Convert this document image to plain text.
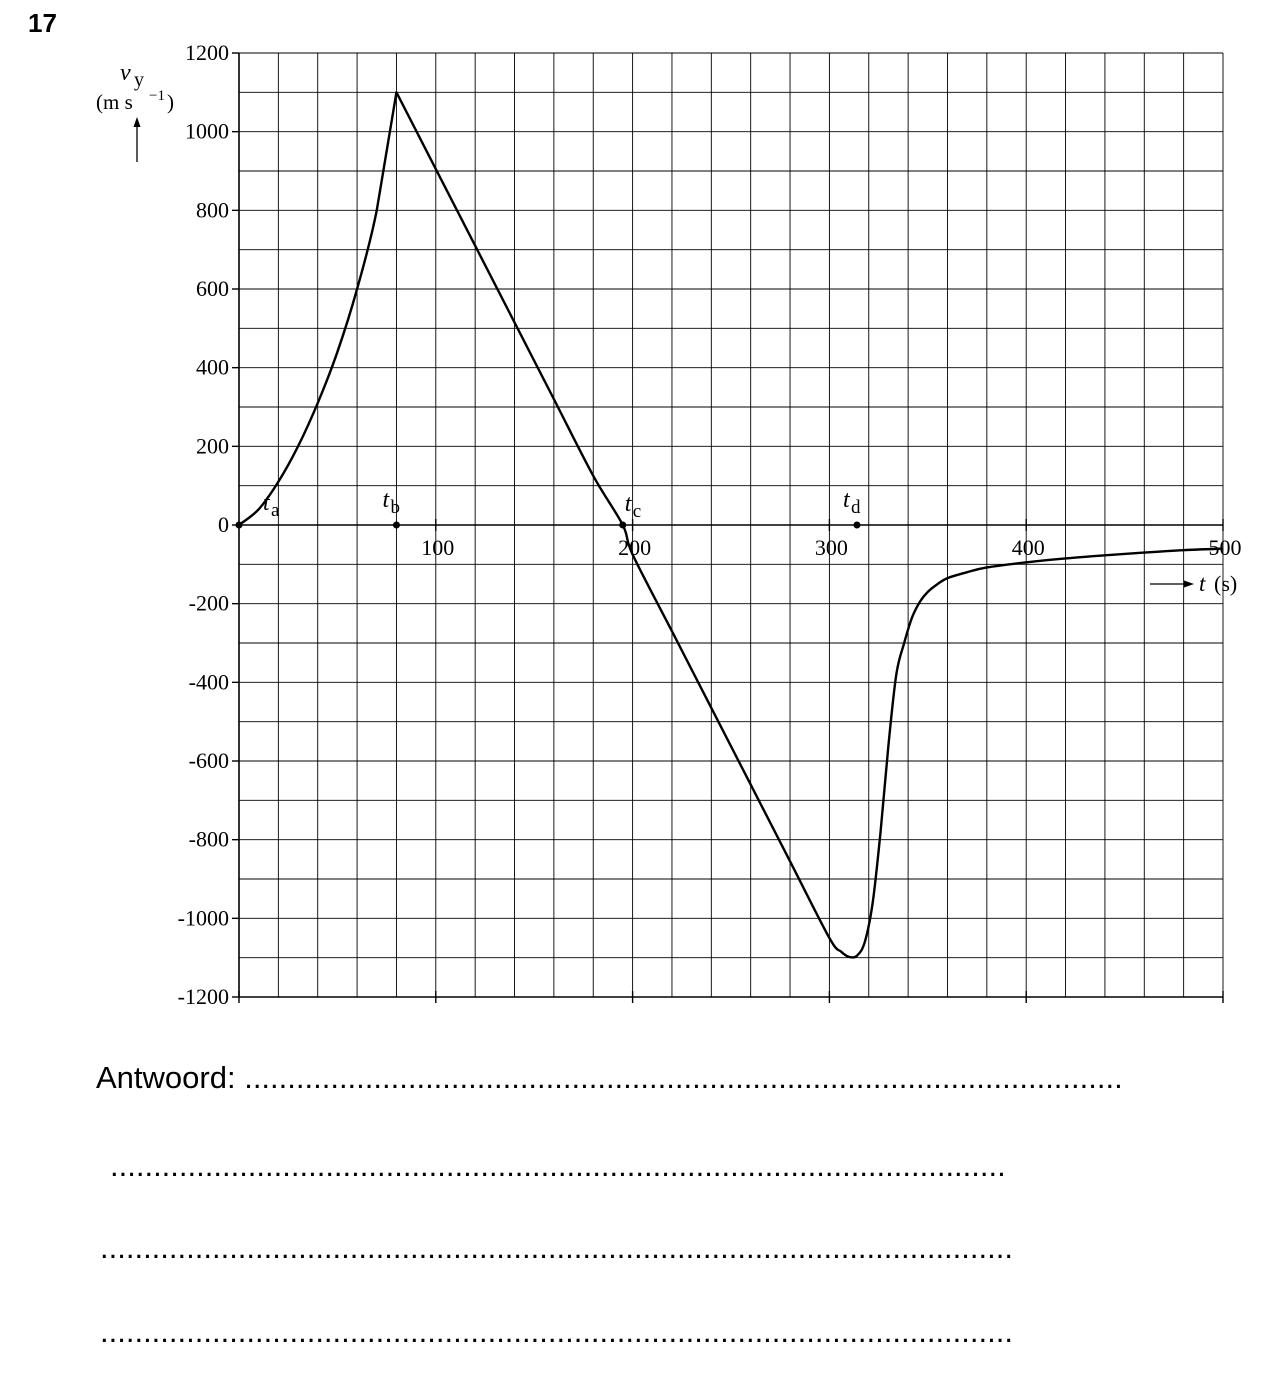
17
1200
1000
800
600
400
200
0
-200
-400
-600
-800
-1000
-1200
100	200	300	400	500
t a	t b	t c	t d
v y
(m s −1 )
t (s)
Antwoord: ......................................................................................................
........................................................................................................
..........................................................................................................
..........................................................................................................
